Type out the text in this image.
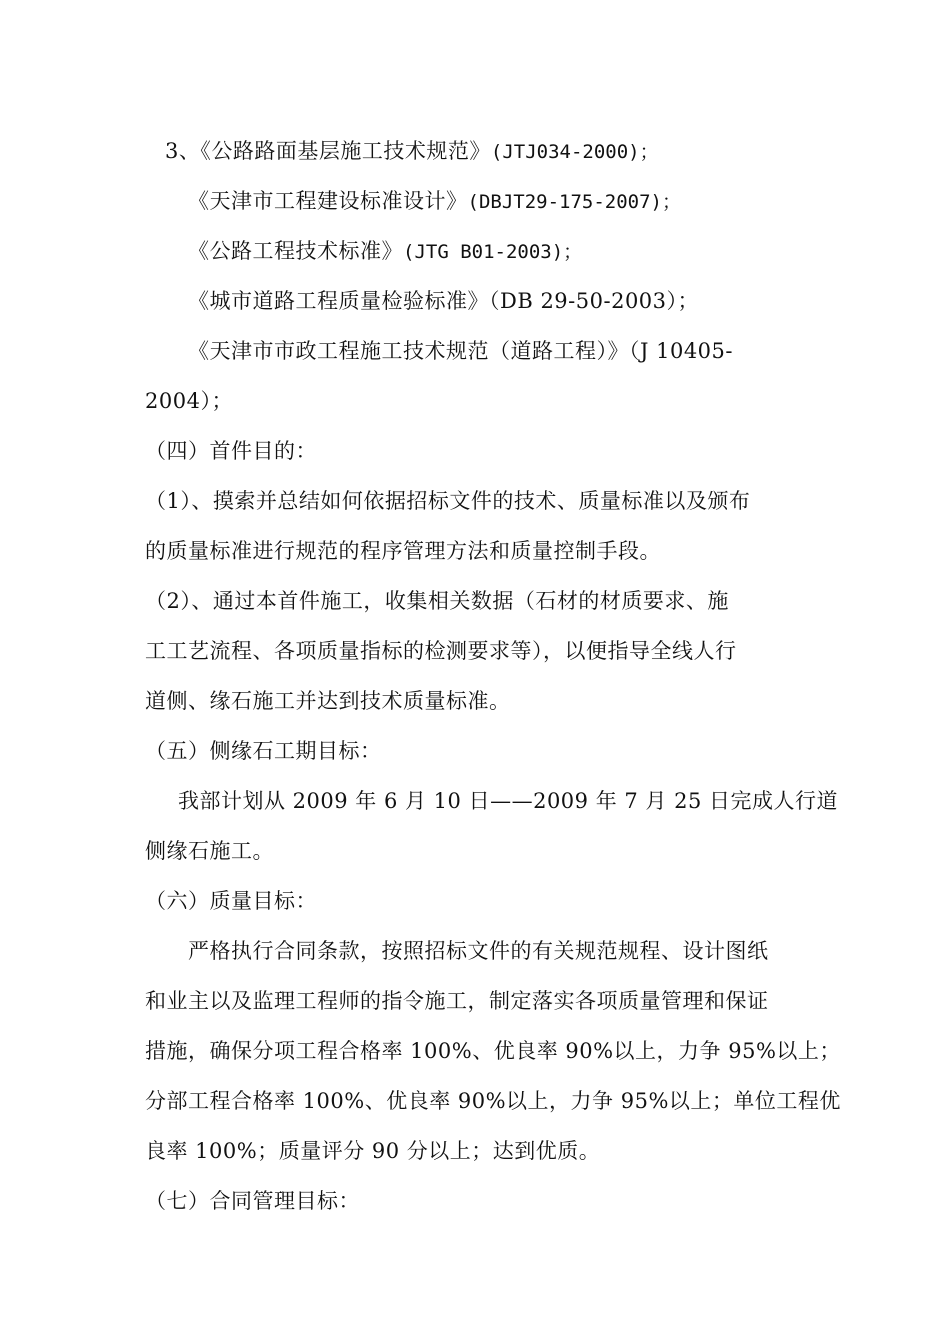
3、《公路路面基层施工技术规范》(JTJ034-2000)；
《天津市工程建设标准设计》(DBJT29-175-2007)；
《公路工程技术标准》(JTG B01-2003)；
《城市道路工程质量检验标准》（DB 29-50-2003）；
《天津市市政工程施工技术规范（道路工程）》（J 10405-
2004）；
（四）首件目的：
（1）、摸索并总结如何依据招标文件的技术、质量标准以及颁布
的质量标准进行规范的程序管理方法和质量控制手段。
（2）、通过本首件施工，收集相关数据（石材的材质要求、施
工工艺流程、各项质量指标的检测要求等），以便指导全线人行
道侧、缘石施工并达到技术质量标准。
（五）侧缘石工期目标：
我部计划从 2009 年 6 月 10 日——2009 年 7 月 25 日完成人行道
侧缘石施工。
（六）质量目标：
严格执行合同条款，按照招标文件的有关规范规程、设计图纸
和业主以及监理工程师的指令施工，制定落实各项质量管理和保证
措施，确保分项工程合格率 100%、优良率 90%以上，力争 95%以上；
分部工程合格率 100%、优良率 90%以上，力争 95%以上；单位工程优
良率 100%；质量评分 90 分以上；达到优质。
（七）合同管理目标：
